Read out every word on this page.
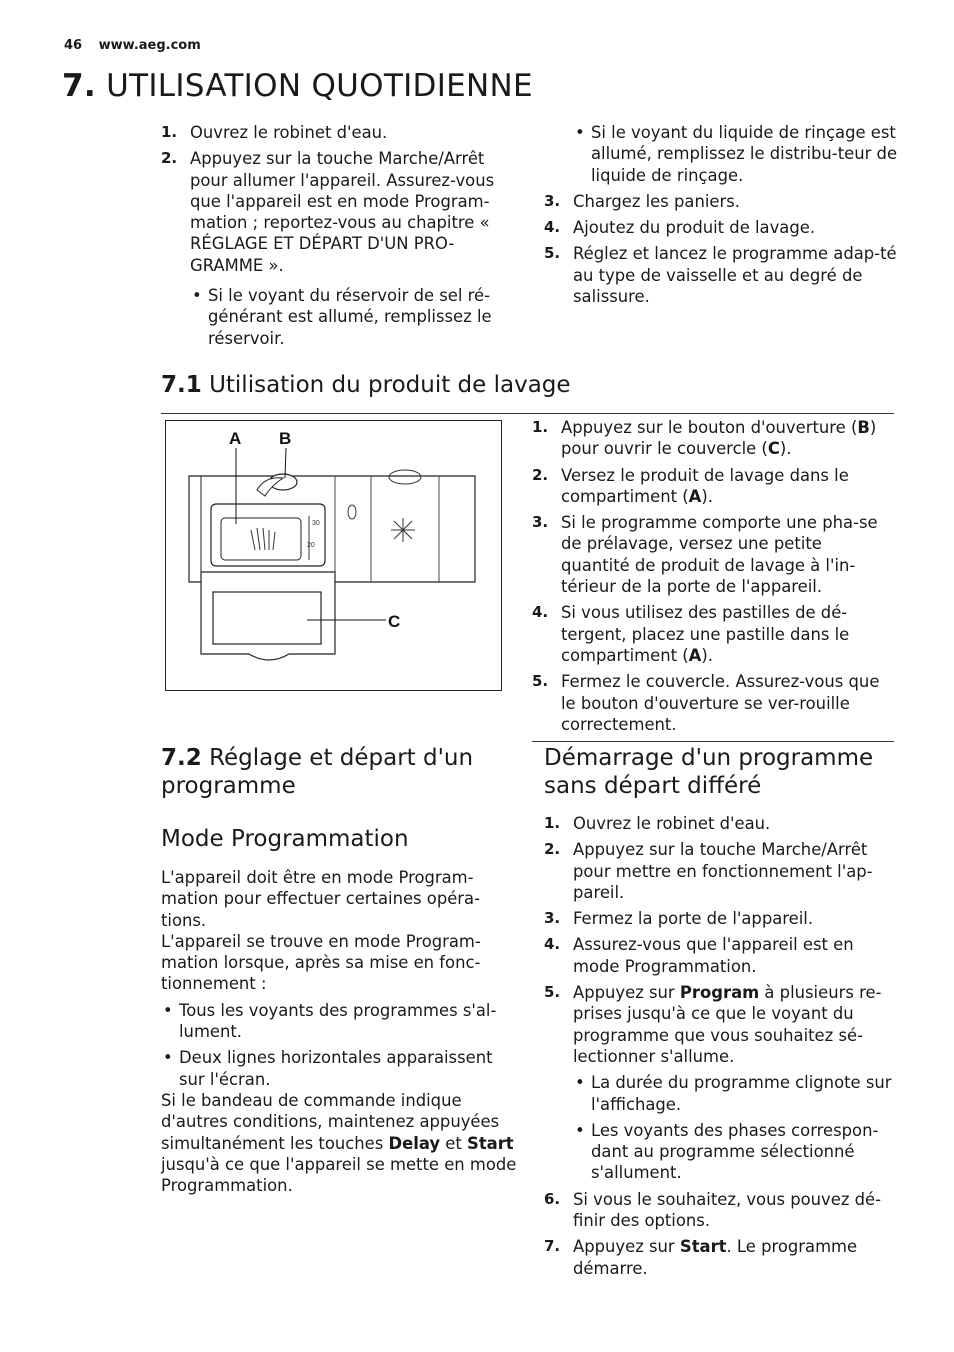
46 www.aeg.com
7. UTILISATION QUOTIDIENNE
1. Ouvrez le robinet d'eau.
2. Appuyez sur la touche Marche/Arrêt pour allumer l'appareil. Assurez-vous que l'appareil est en mode Program-mation ; reportez-vous au chapitre « RÉGLAGE ET DÉPART D'UN PRO-GRAMME ».
• Si le voyant du réservoir de sel ré-générant est allumé, remplissez le réservoir.
• Si le voyant du liquide de rinçage est allumé, remplissez le distribu-teur de liquide de rinçage.
3. Chargez les paniers.
4. Ajoutez du produit de lavage.
5. Réglez et lancez le programme adap-té au type de vaisselle et au degré de salissure.
7.1 Utilisation du produit de lavage
30
20
A B
C
1. Appuyez sur le bouton d'ouverture (B) pour ouvrir le couvercle (C).
2. Versez le produit de lavage dans le compartiment (A).
3. Si le programme comporte une pha-se de prélavage, versez une petite quantité de produit de lavage à l'in-térieur de la porte de l'appareil.
4. Si vous utilisez des pastilles de dé-tergent, placez une pastille dans le compartiment (A).
5. Fermez le couvercle. Assurez-vous que le bouton d'ouverture se ver-rouille correctement.
7.2 Réglage et départ d'un
programme
Mode Programmation

L'appareil doit être en mode Program-mation pour effectuer certaines opéra-tions.

L'appareil se trouve en mode Program-mation lorsque, après sa mise en fonc-tionnement :

• Tous les voyants des programmes s'al-lument.
• Deux lignes horizontales apparaissent sur l'écran.

Si le bandeau de commande indique d'autres conditions, maintenez appuyées simultanément les touches Delay et Start jusqu'à ce que l'appareil se mette en mode Programmation.

Démarrage d'un programme
sans départ différé
1. Ouvrez le robinet d'eau.
2. Appuyez sur la touche Marche/Arrêt pour mettre en fonctionnement l'ap-pareil.
3. Fermez la porte de l'appareil.
4. Assurez-vous que l'appareil est en mode Programmation.
5. Appuyez sur Program à plusieurs re-prises jusqu'à ce que le voyant du programme que vous souhaitez sé-lectionner s'allume.
• La durée du programme clignote sur l'affichage.
• Les voyants des phases correspon-dant au programme sélectionné s'allument.
6. Si vous le souhaitez, vous pouvez dé-finir des options.
7. Appuyez sur Start. Le programme démarre.
